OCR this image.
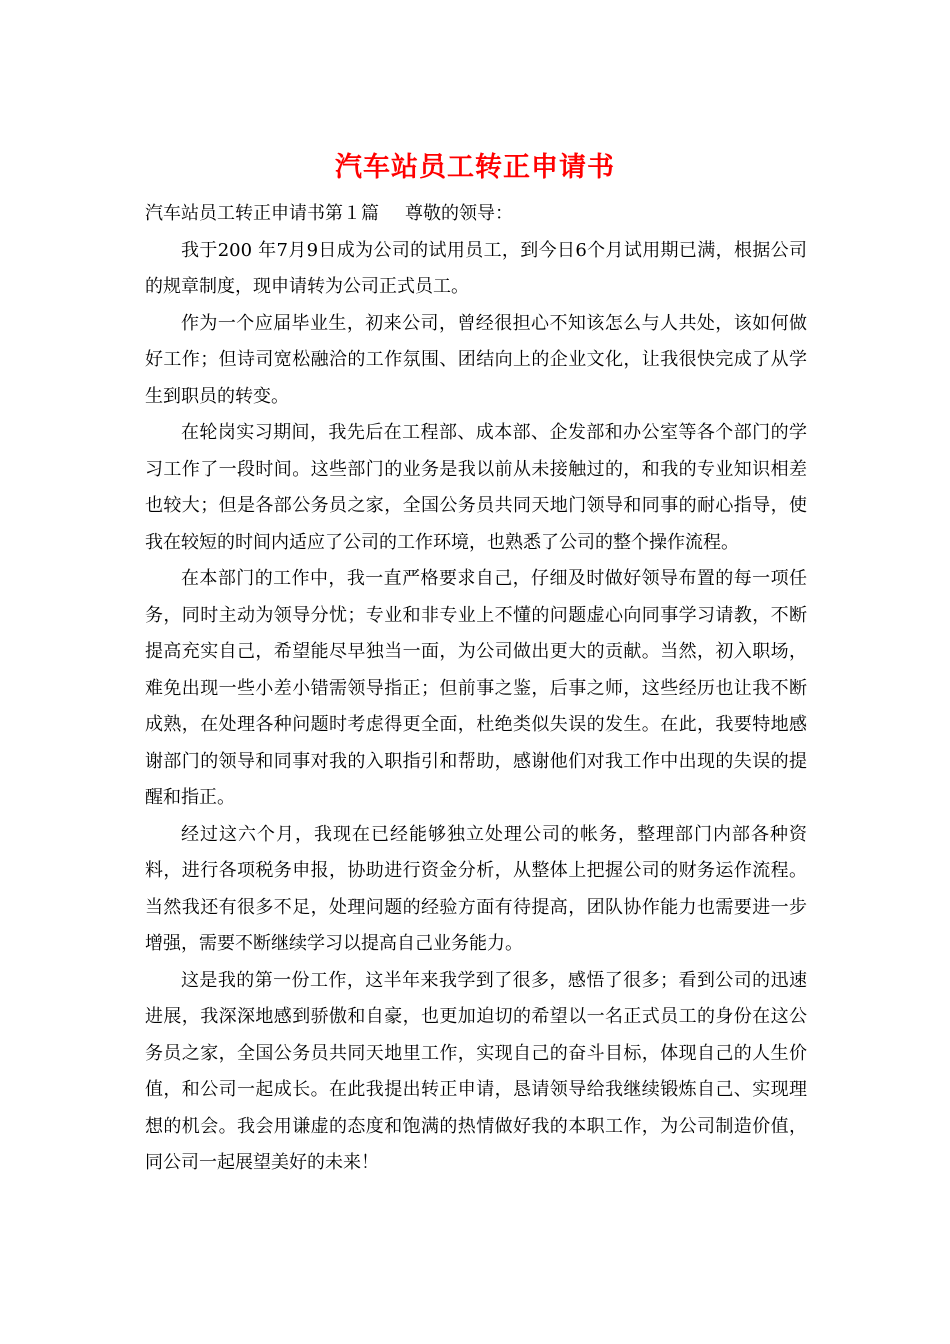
汽车站员工转正申请书

汽车站员工转正申请书第１篇 尊敬的领导：

我于200 年7月9日成为公司的试用员工，到今日6个月试用期已满，根据公司的规章制度，现申请转为公司正式员工。

作为一个应届毕业生，初来公司，曾经很担心不知该怎么与人共处，该如何做好工作；但诗司宽松融洽的工作氛围、团结向上的企业文化，让我很快完成了从学生到职员的转变。

在轮岗实习期间，我先后在工程部、成本部、企发部和办公室等各个部门的学习工作了一段时间。这些部门的业务是我以前从未接触过的，和我的专业知识相差也较大；但是各部公务员之家，全国公务员共同天地门领导和同事的耐心指导，使我在较短的时间内适应了公司的工作环境，也熟悉了公司的整个操作流程。

在本部门的工作中，我一直严格要求自己，仔细及时做好领导布置的每一项任务，同时主动为领导分忧；专业和非专业上不懂的问题虚心向同事学习请教，不断提高充实自己，希望能尽早独当一面，为公司做出更大的贡献。当然，初入职场，难免出现一些小差小错需领导指正；但前事之鉴，后事之师，这些经历也让我不断成熟，在处理各种问题时考虑得更全面，杜绝类似失误的发生。在此，我要特地感谢部门的领导和同事对我的入职指引和帮助，感谢他们对我工作中出现的失误的提醒和指正。

经过这六个月，我现在已经能够独立处理公司的帐务，整理部门内部各种资料，进行各项税务申报，协助进行资金分析，从整体上把握公司的财务运作流程。当然我还有很多不足，处理问题的经验方面有待提高，团队协作能力也需要进一步增强，需要不断继续学习以提高自己业务能力。

这是我的第一份工作，这半年来我学到了很多，感悟了很多；看到公司的迅速进展，我深深地感到骄傲和自豪，也更加迫切的希望以一名正式员工的身份在这公务员之家，全国公务员共同天地里工作，实现自己的奋斗目标，体现自己的人生价值，和公司一起成长。在此我提出转正申请，恳请领导给我继续锻炼自己、实现理想的机会。我会用谦虚的态度和饱满的热情做好我的本职工作，为公司制造价值，同公司一起展望美好的未来！
